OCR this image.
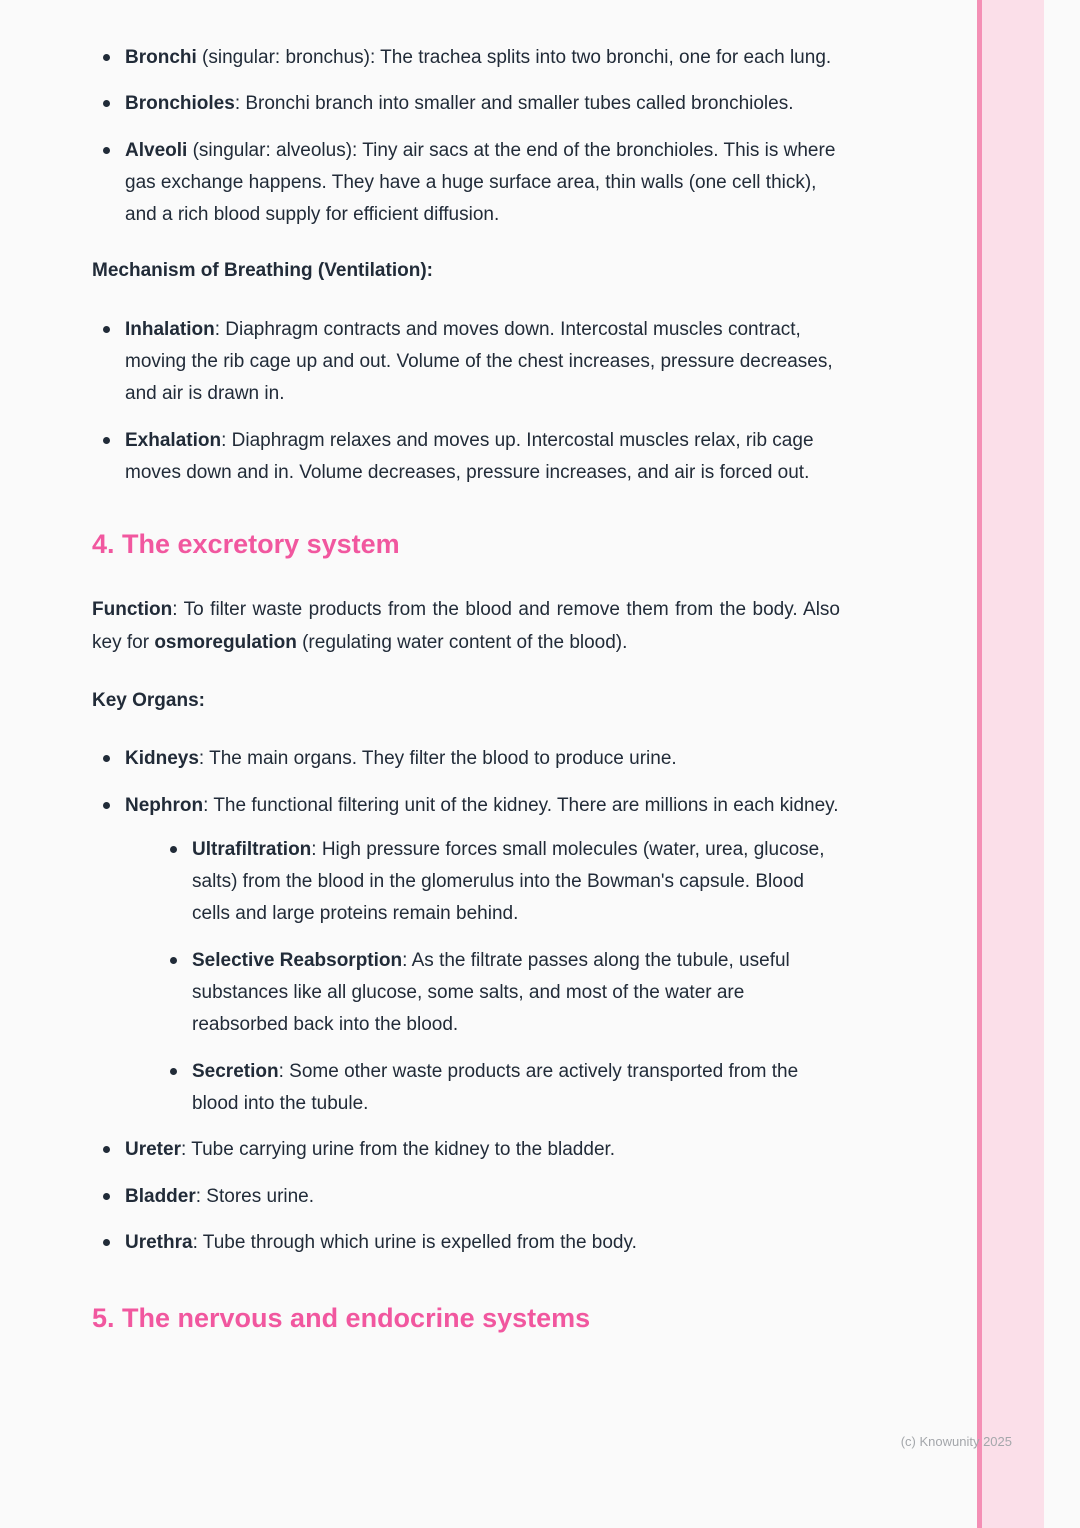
Bronchi (singular: bronchus): The trachea splits into two bronchi, one for each lung.
Bronchioles: Bronchi branch into smaller and smaller tubes called bronchioles.
Alveoli (singular: alveolus): Tiny air sacs at the end of the bronchioles. This is where gas exchange happens. They have a huge surface area, thin walls (one cell thick), and a rich blood supply for efficient diffusion.

Mechanism of Breathing (Ventilation):

Inhalation: Diaphragm contracts and moves down. Intercostal muscles contract, moving the rib cage up and out. Volume of the chest increases, pressure decreases, and air is drawn in.
Exhalation: Diaphragm relaxes and moves up. Intercostal muscles relax, rib cage moves down and in. Volume decreases, pressure increases, and air is forced out.
4. The excretory system

Function: To filter waste products from the blood and remove them from the body. Also key for osmoregulation (regulating water content of the blood).

Key Organs:

Kidneys: The main organs. They filter the blood to produce urine.
Nephron: The functional filtering unit of the kidney. There are millions in each kidney.
Ultrafiltration: High pressure forces small molecules (water, urea, glucose, salts) from the blood in the glomerulus into the Bowman's capsule. Blood cells and large proteins remain behind.
Selective Reabsorption: As the filtrate passes along the tubule, useful substances like all glucose, some salts, and most of the water are reabsorbed back into the blood.
Secretion: Some other waste products are actively transported from the blood into the tubule.
Ureter: Tube carrying urine from the kidney to the bladder.
Bladder: Stores urine.
Urethra: Tube through which urine is expelled from the body.
5. The nervous and endocrine systems
(c) Knowunity 2025
